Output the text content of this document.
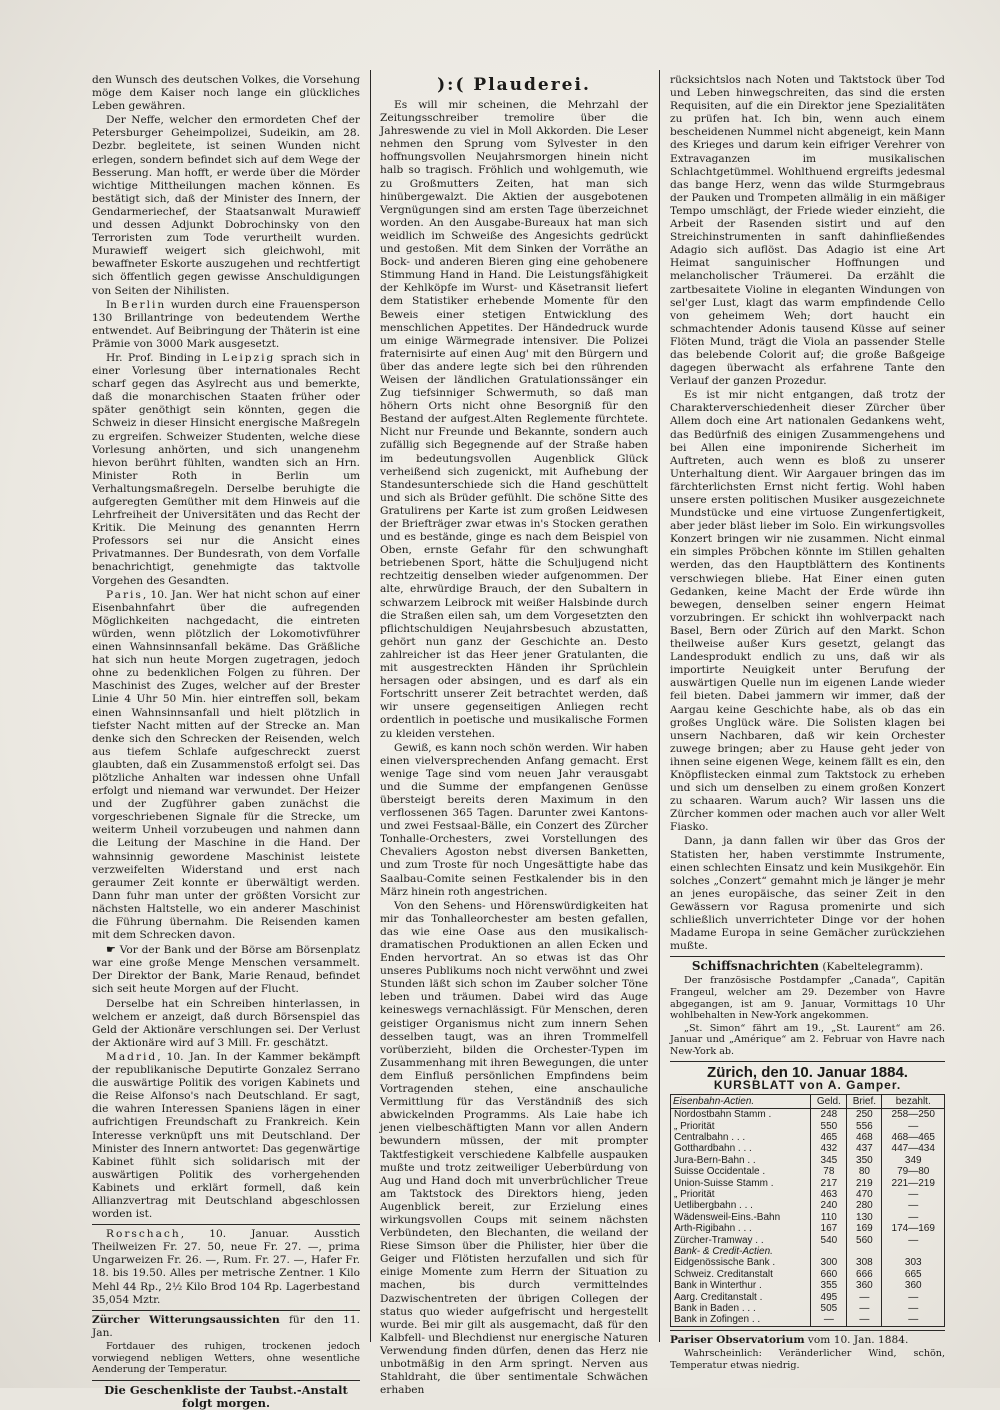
den Wunsch des deutschen Volkes, die Vorsehung möge dem Kaiser noch lange ein glückliches Leben gewähren.

Der Neffe, welcher den ermordeten Chef der Petersburger Geheimpolizei, Sudeikin, am 28. Dezbr. begleitete, ist seinen Wunden nicht erlegen, sondern befindet sich auf dem Wege der Besserung. Man hofft, er werde über die Mörder wichtige Mittheilungen machen können. Es bestätigt sich, daß der Minister des Innern, der Gendarmeriechef, der Staatsanwalt Murawieff und dessen Adjunkt Dobrochinsky von den Terroristen zum Tode verurtheilt wurden. Murawieff weigert sich gleichwohl, mit bewaffneter Eskorte auszugehen und rechtfertigt sich öffentlich gegen gewisse Anschuldigungen von Seiten der Nihilisten.

In Berlin wurden durch eine Frauensperson 130 Brillantringe von bedeutendem Werthe entwendet. Auf Beibringung der Thäterin ist eine Prämie von 3000 Mark ausgesetzt.

Hr. Prof. Binding in Leipzig sprach sich in einer Vorlesung über internationales Recht scharf gegen das Asylrecht aus und bemerkte, daß die monarchischen Staaten früher oder später genöthigt sein könnten, gegen die Schweiz in dieser Hinsicht energische Maßregeln zu ergreifen. Schweizer Studenten, welche diese Vorlesung anhörten, und sich unangenehm hievon berührt fühlten, wandten sich an Hrn. Minister Roth in Berlin um Verhaltungsmaßregeln. Derselbe beruhigte die aufgeregten Gemüther mit dem Hinweis auf die Lehrfreiheit der Universitäten und das Recht der Kritik. Die Meinung des genannten Herrn Professors sei nur die Ansicht eines Privatmannes. Der Bundesrath, von dem Vorfalle benachrichtigt, genehmigte das taktvolle Vorgehen des Gesandten.

Paris, 10. Jan. Wer hat nicht schon auf einer Eisenbahnfahrt über die aufregenden Möglichkeiten nachgedacht, die eintreten würden, wenn plötzlich der Lokomotivführer einen Wahnsinnsanfall bekäme. Das Gräßliche hat sich nun heute Morgen zugetragen, jedoch ohne zu bedenklichen Folgen zu führen. Der Maschinist des Zuges, welcher auf der Brester Linie 4 Uhr 50 Min. hier eintreffen soll, bekam einen Wahnsinnsanfall und hielt plötzlich in tiefster Nacht mitten auf der Strecke an. Man denke sich den Schrecken der Reisenden, welch aus tiefem Schlafe aufgeschreckt zuerst glaubten, daß ein Zusammenstoß erfolgt sei. Das plötzliche Anhalten war indessen ohne Unfall erfolgt und niemand war verwundet. Der Heizer und der Zugführer gaben zunächst die vorgeschriebenen Signale für die Strecke, um weiterm Unheil vorzubeugen und nahmen dann die Leitung der Maschine in die Hand. Der wahnsinnig gewordene Maschinist leistete verzweifelten Widerstand und erst nach geraumer Zeit konnte er überwältigt werden. Dann fuhr man unter der größten Vorsicht zur nächsten Haltstelle, wo ein anderer Maschinist die Führung übernahm. Die Reisenden kamen mit dem Schrecken davon.

☛ Vor der Bank und der Börse am Börsenplatz war eine große Menge Menschen versammelt. Der Direktor der Bank, Marie Renaud, befindet sich seit heute Morgen auf der Flucht.

Derselbe hat ein Schreiben hinterlassen, in welchem er anzeigt, daß durch Börsenspiel das Geld der Aktionäre verschlungen sei. Der Verlust der Aktionäre wird auf 3 Mill. Fr. geschätzt.

Madrid, 10. Jan. In der Kammer bekämpft der republikanische Deputirte Gonzalez Serrano die auswärtige Politik des vorigen Kabinets und die Reise Alfonso's nach Deutschland. Er sagt, die wahren Interessen Spaniens lägen in einer aufrichtigen Freundschaft zu Frankreich. Kein Interesse verknüpft uns mit Deutschland. Der Minister des Innern antwortet: Das gegenwärtige Kabinet fühlt sich solidarisch mit der auswärtigen Politik des vorhergehenden Kabinets und erklärt formell, daß kein Allianzvertrag mit Deutschland abgeschlossen worden ist.

Rorschach, 10. Januar. Ausstich Theilweizen Fr. 27. 50, neue Fr. 27. —, prima Ungarweizen Fr. 26. —, Rum. Fr. 27. —, Hafer Fr. 18. bis 19.50. Alles per metrische Zentner. 1 Kilo Mehl 44 Rp., 2½ Kilo Brod 104 Rp. Lagerbestand 35,054 Mztr.

Zürcher Witterungsaussichten für den 11. Jan.

Fortdauer des ruhigen, trockenen jedoch vorwiegend nebligen Wetters, ohne wesentliche Aenderung der Temperatur.

Die Geschenkliste der Taubst.-Anstalt folgt morgen.
):( Plauderei.

Es will mir scheinen, die Mehrzahl der Zeitungsschreiber tremolire über die Jahreswende zu viel in Moll Akkorden. Die Leser nehmen den Sprung vom Sylvester in den hoffnungsvollen Neujahrsmorgen hinein nicht halb so tragisch. Fröhlich und wohlgemuth, wie zu Großmutters Zeiten, hat man sich hinübergewalzt. Die Aktien der ausgebotenen Vergnügungen sind am ersten Tage überzeichnet worden. An den Ausgabe-Bureaux hat man sich weidlich im Schweiße des Angesichts gedrückt und gestoßen. Mit dem Sinken der Vorräthe an Bock- und anderen Bieren ging eine gehobenere Stimmung Hand in Hand. Die Leistungsfähigkeit der Kehlköpfe im Wurst- und Käsetransit liefert dem Statistiker erhebende Momente für den Beweis einer stetigen Entwicklung des menschlichen Appetites. Der Händedruck wurde um einige Wärmegrade intensiver. Die Polizei fraternisirte auf einen Aug' mit den Bürgern und über das andere legte sich bei den rührenden Weisen der ländlichen Gratulationssänger ein Zug tiefsinniger Schwermuth, so daß man höhern Orts nicht ohne Besorgniß für den Bestand der aufgest.Alten Reglemente fürchtete. Nicht nur Freunde und Bekannte, sondern auch zufällig sich Begegnende auf der Straße haben im bedeutungsvollen Augenblick Glück verheißend sich zugenickt, mit Aufhebung der Standesunterschiede sich die Hand geschüttelt und sich als Brüder gefühlt. Die schöne Sitte des Gratulirens per Karte ist zum großen Leidwesen der Briefträger zwar etwas in's Stocken gerathen und es bestände, ginge es nach dem Beispiel von Oben, ernste Gefahr für den schwunghaft betriebenen Sport, hätte die Schuljugend nicht rechtzeitig denselben wieder aufgenommen. Der alte, ehrwürdige Brauch, der den Subaltern in schwarzem Leibrock mit weißer Halsbinde durch die Straßen eilen sah, um dem Vorgesetzten den pflichtschuldigen Neujahrsbesuch abzustatten, gehört nun ganz der Geschichte an. Desto zahlreicher ist das Heer jener Gratulanten, die mit ausgestreckten Händen ihr Sprüchlein hersagen oder absingen, und es darf als ein Fortschritt unserer Zeit betrachtet werden, daß wir unsere gegenseitigen Anliegen recht ordentlich in poetische und musikalische Formen zu kleiden verstehen.

Gewiß, es kann noch schön werden. Wir haben einen vielversprechenden Anfang gemacht. Erst wenige Tage sind vom neuen Jahr verausgabt und die Summe der empfangenen Genüsse übersteigt bereits deren Maximum in den verflossenen 365 Tagen. Darunter zwei Kantons- und zwei Festsaal-Bälle, ein Conzert des Zürcher Tonhalle-Orchesters, zwei Vorstellungen des Chevaliers Agoston nebst diversen Banketten, und zum Troste für noch Ungesättigte habe das Saalbau-Comite seinen Festkalender bis in den März hinein roth angestrichen.

Von den Sehens- und Hörenswürdigkeiten hat mir das Tonhalleorchester am besten gefallen, das wie eine Oase aus den musikalisch-dramatischen Produktionen an allen Ecken und Enden hervortrat. An so etwas ist das Ohr unseres Publikums noch nicht verwöhnt und zwei Stunden läßt sich schon im Zauber solcher Töne leben und träumen. Dabei wird das Auge keineswegs vernachlässigt. Für Menschen, deren geistiger Organismus nicht zum innern Sehen desselben taugt, was an ihren Trommelfell vorüberzieht, bilden die Orchester-Typen im Zusammenhang mit ihren Bewegungen, die unter dem Einfluß persönlichen Empfindens beim Vortragenden stehen, eine anschauliche Vermittlung für das Verständniß des sich abwickelnden Programms. Als Laie habe ich jenen vielbeschäftigten Mann vor allen Andern bewundern müssen, der mit prompter Taktfestigkeit verschiedene Kalbfelle auspauken mußte und trotz zeitweiliger Ueberbürdung von Aug und Hand doch mit unverbrüchlicher Treue am Taktstock des Direktors hieng, jeden Augenblick bereit, zur Erzielung eines wirkungsvollen Coups mit seinem nächsten Verbündeten, den Blechanten, die weiland der Riese Simson über die Philister, hier über die Geiger und Flötisten herzufallen und sich für einige Momente zum Herrn der Situation zu machen, bis durch vermittelndes Dazwischentreten der übrigen Collegen der status quo wieder aufgefrischt und hergestellt wurde. Bei mir gilt als ausgemacht, daß für den Kalbfell- und Blechdienst nur energische Naturen Verwendung finden dürfen, denen das Herz nie unbotmäßig in den Arm springt. Nerven aus Stahldraht, die über sentimentale Schwächen erhaben

rücksichtslos nach Noten und Taktstock über Tod und Leben hinwegschreiten, das sind die ersten Requisiten, auf die ein Direktor jene Spezialitäten zu prüfen hat. Ich bin, wenn auch einem bescheidenen Nummel nicht abgeneigt, kein Mann des Krieges und darum kein eifriger Verehrer von Extravaganzen im musikalischen Schlachtgetümmel. Wohlthuend ergreifts jedesmal das bange Herz, wenn das wilde Sturmgebraus der Pauken und Trompeten allmälig in ein mäßiger Tempo umschlägt, der Friede wieder einzieht, die Arbeit der Rasenden sistirt und auf den Streichinstrumenten in sanft dahinfließendes Adagio sich auflöst. Das Adagio ist eine Art Heimat sanguinischer Hoffnungen und melancholischer Träumerei. Da erzählt die zartbesaitete Violine in eleganten Windungen von sel'ger Lust, klagt das warm empfindende Cello von geheimem Weh; dort haucht ein schmachtender Adonis tausend Küsse auf seiner Flöten Mund, trägt die Viola an passender Stelle das belebende Colorit auf; die große Baßgeige dagegen überwacht als erfahrene Tante den Verlauf der ganzen Prozedur.

Es ist mir nicht entgangen, daß trotz der Charakterverschiedenheit dieser Zürcher über Allem doch eine Art nationalen Gedankens weht, das Bedürfniß des einigen Zusammengehens und bei Allen eine imponirende Sicherheit im Auftreten, auch wenn es bloß zu unserer Unterhaltung dient. Wir Aargauer bringen das im färchterlichsten Ernst nicht fertig. Wohl haben unsere ersten politischen Musiker ausgezeichnete Mundstücke und eine virtuose Zungenfertigkeit, aber jeder bläst lieber im Solo. Ein wirkungsvolles Konzert bringen wir nie zusammen. Nicht einmal ein simples Pröbchen könnte im Stillen gehalten werden, das den Hauptblättern des Kontinents verschwiegen bliebe. Hat Einer einen guten Gedanken, keine Macht der Erde würde ihn bewegen, denselben seiner engern Heimat vorzubringen. Er schickt ihn wohlverpackt nach Basel, Bern oder Zürich auf den Markt. Schon theilweise außer Kurs gesetzt, gelangt das Landesprodukt endlich zu uns, daß wir als importirte Neuigkeit unter Berufung der auswärtigen Quelle nun im eigenen Lande wieder feil bieten. Dabei jammern wir immer, daß der Aargau keine Geschichte habe, als ob das ein großes Unglück wäre. Die Solisten klagen bei unsern Nachbaren, daß wir kein Orchester zuwege bringen; aber zu Hause geht jeder von ihnen seine eigenen Wege, keinem fällt es ein, den Knöpflistecken einmal zum Taktstock zu erheben und sich um denselben zu einem großen Konzert zu schaaren. Warum auch? Wir lassen uns die Zürcher kommen oder machen auch vor aller Welt Fiasko.

Dann, ja dann fallen wir über das Gros der Statisten her, haben verstimmte Instrumente, einen schlechten Einsatz und kein Musikgehör. Ein solches „Conzert“ gemahnt mich je länger je mehr an jenes europäische, das seiner Zeit in den Gewässern vor Ragusa promenirte und sich schließlich unverrichteter Dinge vor der hohen Madame Europa in seine Gemächer zurückziehen mußte.

Schiffsnachrichten (Kabeltelegramm).

Der französische Postdampfer „Canada“, Capitän Frangeul, welcher am 29. Dezember von Havre abgegangen, ist am 9. Januar, Vormittags 10 Uhr wohlbehalten in New-York angekommen.

„St. Simon“ fährt am 19., „St. Laurent“ am 26. Januar und „Amérique“ am 2. Februar von Havre nach New-York ab.

Zürich, den 10. Januar 1884.
KURSBLATT von A. Gamper.
Eisenbahn-Actien.	Geld.	Brief.	bezahlt.
Nordostbahn Stamm .	248	250	258—250
„ Priorität	550	556	—
Centralbahn . . .	465	468	468—465
Gotthardbahn . . .	432	437	447—434
Jura-Bern-Bahn . .	345	350	349
Suisse Occidentale .	78	80	79—80
Union-Suisse Stamm .	217	219	221—219
„ Priorität	463	470	—
Uetlibergbahn . . .	240	280	—
Wädensweil-Eins.-Bahn	110	130	—
Arth-Rigibahn . . .	167	169	174—169
Zürcher-Tramway . .	540	560	—
Bank- & Credit-Actien.			
Eidgenössische Bank .	300	308	303
Schweiz. Creditanstalt	660	666	665
Bank in Winterthur .	355	360	360
Aarg. Creditanstalt .	495	—	—
Bank in Baden . . .	505	—	—
Bank in Zofingen . .	—	—	—

Pariser Observatorium vom 10. Jan. 1884.

Wahrscheinlich: Veränderlicher Wind, schön, Temperatur etwas niedrig.
